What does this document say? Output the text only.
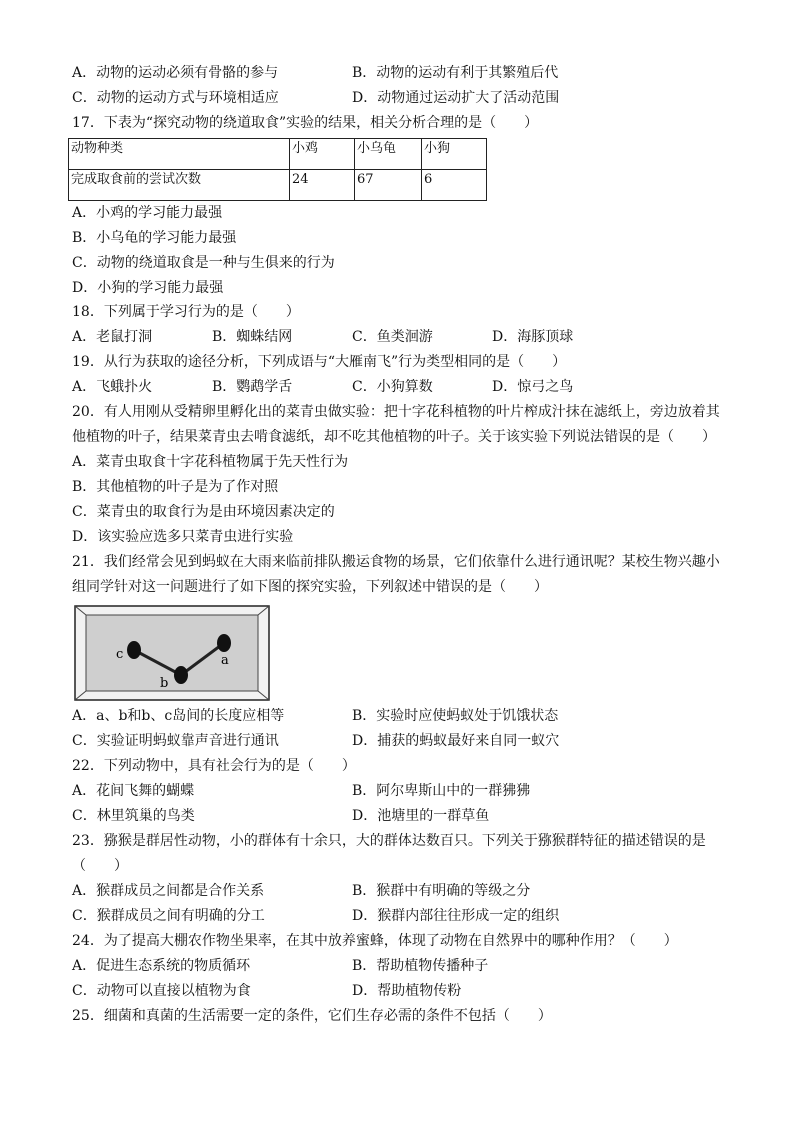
A．动物的运动必须有骨骼的参与	B．动物的运动有利于其繁殖后代
C．动物的运动方式与环境相适应	D．动物通过运动扩大了活动范围
17．下表为“探究动物的绕道取食”实验的结果，相关分析合理的是（　　）
动物种类	小鸡	小乌龟	小狗
完成取食前的尝试次数	24	67	6
A．小鸡的学习能力最强
B．小乌龟的学习能力最强
C．动物的绕道取食是一种与生俱来的行为
D．小狗的学习能力最强
18．下列属于学习行为的是（　　）
A．老鼠打洞	B．蜘蛛结网	C．鱼类洄游	D．海豚顶球
19．从行为获取的途径分析，下列成语与“大雁南飞”行为类型相同的是（　　）
A．飞蛾扑火	B．鹦鹉学舌	C．小狗算数	D．惊弓之鸟
20．有人用刚从受精卵里孵化出的菜青虫做实验：把十字花科植物的叶片榨成汁抹在滤纸上，旁边放着其
他植物的叶子，结果菜青虫去啃食滤纸，却不吃其他植物的叶子。关于该实验下列说法错误的是（　　）
A．菜青虫取食十字花科植物属于先天性行为
B．其他植物的叶子是为了作对照
C．菜青虫的取食行为是由环境因素决定的
D．该实验应选多只菜青虫进行实验
21．我们经常会见到蚂蚁在大雨来临前排队搬运食物的场景，它们依靠什么进行通讯呢？某校生物兴趣小
组同学针对这一问题进行了如下图的探究实验，下列叙述中错误的是（　　）
c
b
a
A．a、b和b、c岛间的长度应相等	B．实验时应使蚂蚁处于饥饿状态
C．实验证明蚂蚁靠声音进行通讯	D．捕获的蚂蚁最好来自同一蚁穴
22．下列动物中，具有社会行为的是（　　）
A．花间飞舞的蝴蝶	B．阿尔卑斯山中的一群狒狒
C．林里筑巢的鸟类	D．池塘里的一群草鱼
23．猕猴是群居性动物，小的群体有十余只，大的群体达数百只。下列关于猕猴群特征的描述错误的是
（　　）
A．猴群成员之间都是合作关系	B．猴群中有明确的等级之分
C．猴群成员之间有明确的分工	D．猴群内部往往形成一定的组织
24．为了提高大棚农作物坐果率，在其中放养蜜蜂，体现了动物在自然界中的哪种作用？（　　）
A．促进生态系统的物质循环	B．帮助植物传播种子
C．动物可以直接以植物为食	D．帮助植物传粉
25．细菌和真菌的生活需要一定的条件，它们生存必需的条件不包括（　　）
